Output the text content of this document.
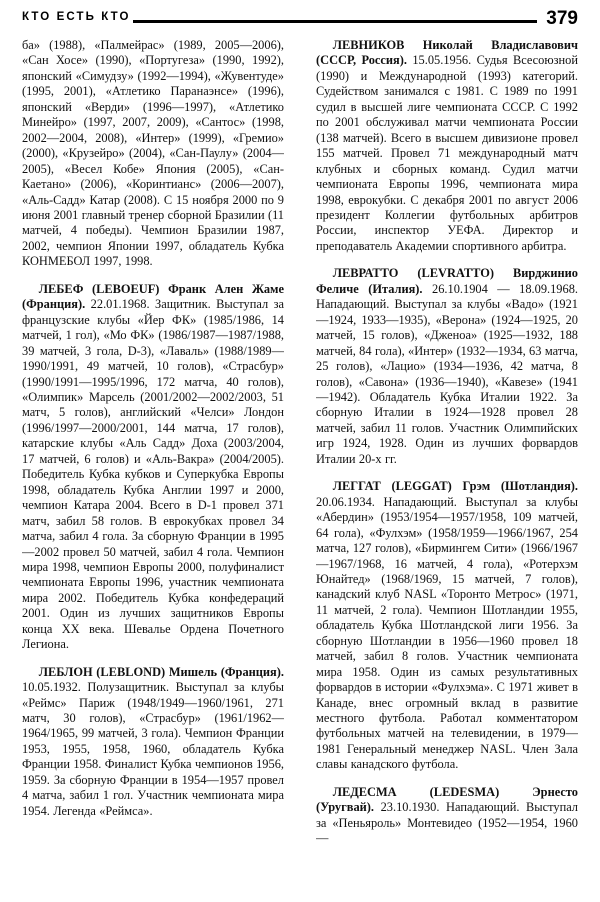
КТО ЕСТЬ КТО	379

ба» (1988), «Палмейрас» (1989, 2005—2006), «Сан Хосе» (1990), «Португеза» (1990, 1992), японский «Симудзу» (1992—1994), «Жувентуде» (1995, 2001), «Атлетико Паранаэнсе» (1996), японский «Верди» (1996—1997), «Атлетико Минейро» (1997, 2007, 2009), «Сантос» (1998, 2002—2004, 2008), «Интер» (1999), «Гремио» (2000), «Крузейро» (2004), «Сан-Паулу» (2004—2005), «Весел Кобе» Япония (2005), «Сан-Каетано» (2006), «Коринтианс» (2006—2007), «Аль-Садд» Катар (2008). С 15 ноября 2000 по 9 июня 2001 главный тренер сборной Бразилии (11 матчей, 4 победы). Чемпион Бразилии 1987, 2002, чемпион Японии 1997, обладатель Кубка КОНМЕБОЛ 1997, 1998.

ЛЕБЕФ (LEBOEUF) Франк Ален Жаме (Франция). 22.01.1968. Защитник. Выступал за французские клубы «Йер ФК» (1985/1986, 14 матчей, 1 гол), «Мо ФК» (1986/1987—1987/1988, 39 матчей, 3 гола, D-3), «Лаваль» (1988/1989—1990/1991, 49 матчей, 10 голов), «Страсбур» (1990/1991—1995/1996, 172 матча, 40 голов), «Олимпик» Марсель (2001/2002—2002/2003, 51 матч, 5 голов), английский «Челси» Лондон (1996/1997—2000/2001, 144 матча, 17 голов), катарские клубы «Аль Садд» Доха (2003/2004, 17 матчей, 6 голов) и «Аль-Вакра» (2004/2005). Победитель Кубка кубков и Суперкубка Европы 1998, обладатель Кубка Англии 1997 и 2000, чемпион Катара 2004. Всего в D-1 провел 371 матч, забил 58 голов. В еврокубках провел 34 матча, забил 4 гола. За сборную Франции в 1995—2002 провел 50 матчей, забил 4 гола. Чемпион мира 1998, чемпион Европы 2000, полуфиналист чемпионата Европы 1996, участник чемпионата мира 2002. Победитель Кубка конфедераций 2001. Один из лучших защитников Европы конца XX века. Шевалье Ордена Почетного Легиона.

ЛЕБЛОН (LEBLOND) Мишель (Франция). 10.05.1932. Полузащитник. Выступал за клубы «Реймс» Париж (1948/1949—1960/1961, 271 матч, 30 голов), «Страсбур» (1961/1962—1964/1965, 99 матчей, 3 гола). Чемпион Франции 1953, 1955, 1958, 1960, обладатель Кубка Франции 1958. Финалист Кубка чемпионов 1956, 1959. За сборную Франции в 1954—1957 провел 4 матча, забил 1 гол. Участник чемпионата мира 1954. Легенда «Реймса».

ЛЕВНИКОВ Николай Владиславович (СССР, Россия). 15.05.1956. Судья Всесоюзной (1990) и Международной (1993) категорий. Судейством занимался с 1981. С 1989 по 1991 судил в высшей лиге чемпионата СССР. С 1992 по 2001 обслуживал матчи чемпионата России (138 матчей). Всего в высшем дивизионе провел 155 матчей. Провел 71 международный матч клубных и сборных команд. Судил матчи чемпионата Европы 1996, чемпионата мира 1998, еврокубки. С декабря 2001 по август 2006 президент Коллегии футбольных арбитров России, инспектор УЕФА. Директор и преподаватель Академии спортивного арбитра.

ЛЕВРАТТО (LEVRATTO) Вирджинио Феличе (Италия). 26.10.1904 — 18.09.1968. Нападающий. Выступал за клубы «Вадо» (1921—1924, 1933—1935), «Верона» (1924—1925, 20 матчей, 15 голов), «Дженоа» (1925—1932, 188 матчей, 84 гола), «Интер» (1932—1934, 63 матча, 25 голов), «Лацио» (1934—1936, 42 матча, 8 голов), «Савона» (1936—1940), «Кавезе» (1941—1942). Обладатель Кубка Италии 1922. За сборную Италии в 1924—1928 провел 28 матчей, забил 11 голов. Участник Олимпийских игр 1924, 1928. Один из лучших форвардов Италии 20-х гг.

ЛЕГГАТ (LEGGAT) Грэм (Шотландия). 20.06.1934. Нападающий. Выступал за клубы «Абердин» (1953/1954—1957/1958, 109 матчей, 64 гола), «Фулхэм» (1958/1959—1966/1967, 254 матча, 127 голов), «Бирмингем Сити» (1966/1967—1967/1968, 16 матчей, 4 гола), «Ротерхэм Юнайтед» (1968/1969, 15 матчей, 7 голов), канадский клуб NASL «Торонто Метрос» (1971, 11 матчей, 2 гола). Чемпион Шотландии 1955, обладатель Кубка Шотландской лиги 1956. За сборную Шотландии в 1956—1960 провел 18 матчей, забил 8 голов. Участник чемпионата мира 1958. Один из самых результативных форвардов в истории «Фулхэма». С 1971 живет в Канаде, внес огромный вклад в развитие местного футбола. Работал комментатором футбольных матчей на телевидении, в 1979—1981 Генеральный менеджер NASL. Член Зала славы канадского футбола.

ЛЕДЕСМА (LEDESMA) Эрнесто (Уругвай). 23.10.1930. Нападающий. Выступал за «Пеньяроль» Монтевидео (1952—1954, 1960—
